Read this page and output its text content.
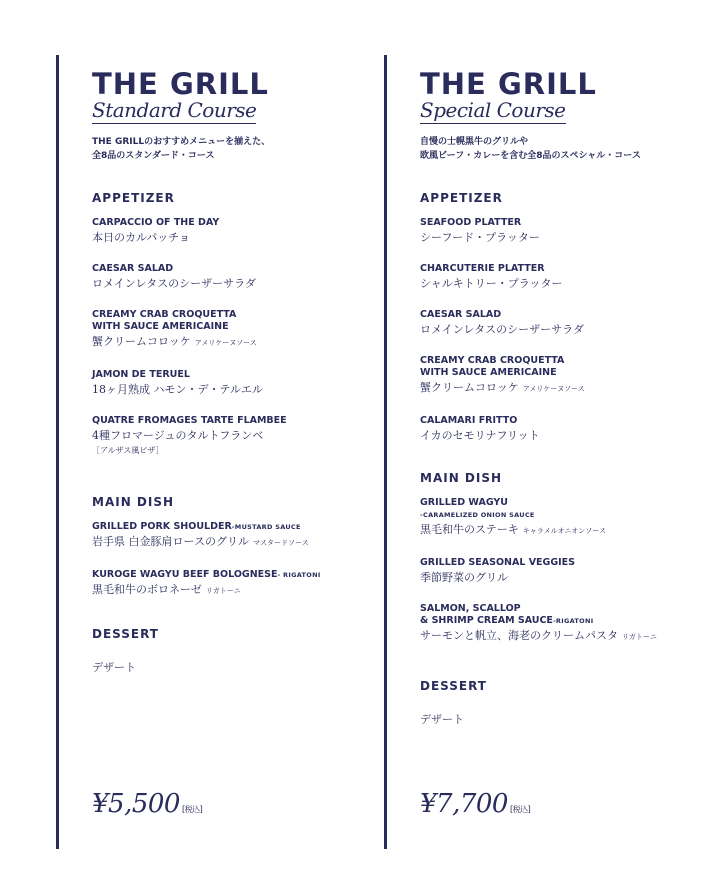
THE GRILL
Standard Course
THE GRILLのおすすめメニューを揃えた、
全8品のスタンダード・コース
APPETIZER
CARPACCIO OF THE DAY
本日のカルパッチョ
CAESAR SALAD
ロメインレタスのシーザーサラダ
CREAMY CRAB CROQUETTA
WITH SAUCE AMERICAINE
蟹クリームコロッケ アメリケーヌソース
JAMON DE TERUEL
18ヶ月熟成 ハモン・デ・テルエル
QUATRE FROMAGES TARTE FLAMBEE
4種フロマージュのタルトフランベ
［アルザス風ピザ］
MAIN DISH
GRILLED PORK SHOULDER-MUSTARD SAUCE
岩手県 白金豚肩ロースのグリル マスタードソース
KUROGE WAGYU BEEF BOLOGNESE- RIGATONI
黒毛和牛のボロネーゼ リガトーニ
DESSERT
デザート
¥5,500 [税込]
THE GRILL
Special Course
自慢の士幌黒牛のグリルや
欧風ビーフ・カレーを含む全8品のスペシャル・コース
APPETIZER
SEAFOOD PLATTER
シーフード・プラッター
CHARCUTERIE PLATTER
シャルキトリー・プラッター
CAESAR SALAD
ロメインレタスのシーザーサラダ
CREAMY CRAB CROQUETTA
WITH SAUCE AMERICAINE
蟹クリームコロッケ アメリケーヌソース
CALAMARI FRITTO
イカのセモリナフリット
MAIN DISH
GRILLED WAGYU
-CARAMELIZED ONION SAUCE
黒毛和牛のステーキ キャラメルオニオンソース
GRILLED SEASONAL VEGGIES
季節野菜のグリル
SALMON, SCALLOP
& SHRIMP CREAM SAUCE-RIGATONI
サーモンと帆立、海老のクリームパスタ リガトーニ
DESSERT
デザート
¥7,700 [税込]
